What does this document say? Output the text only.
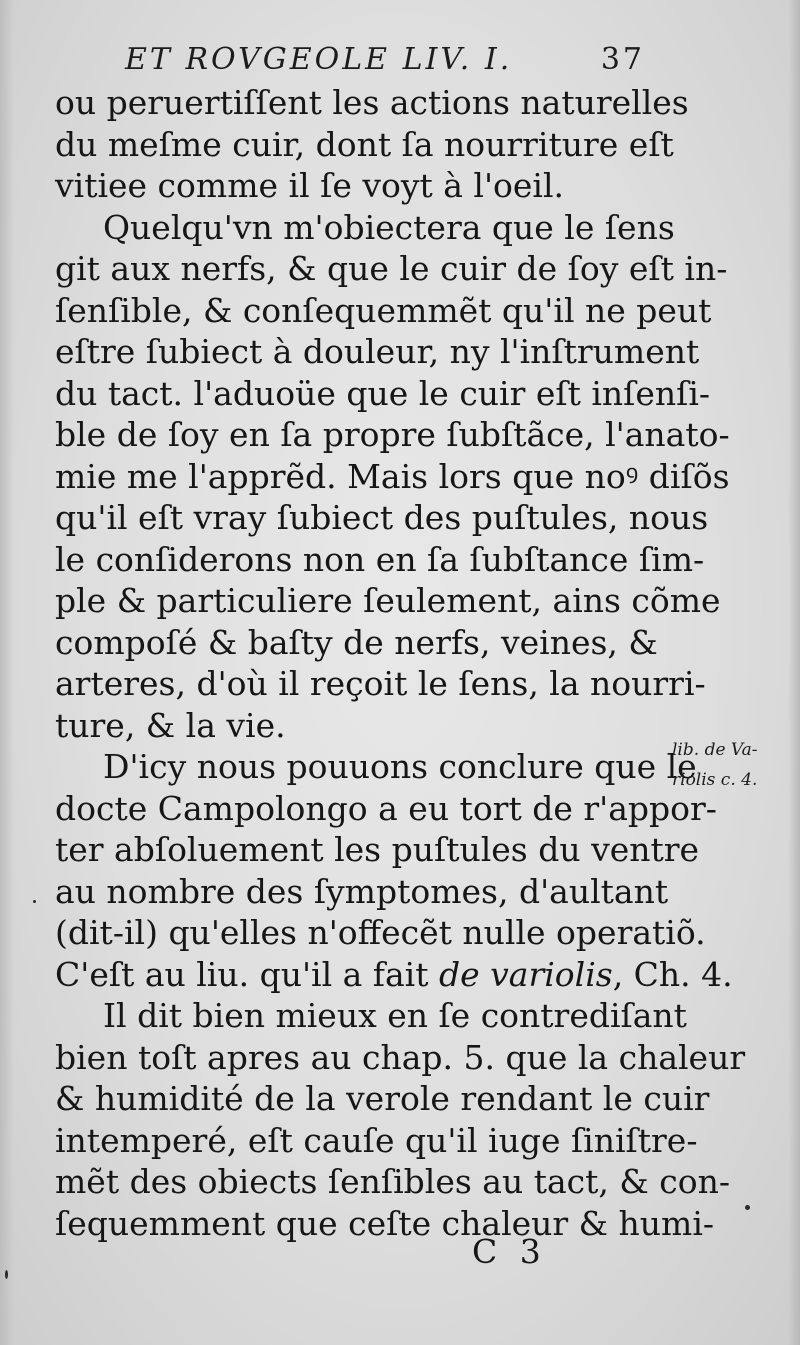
ET ROVGEOLE LIV. I.	37
ou peruertiſſent les actions naturelles
du meſme cuir, dont ſa nourriture eſt
vitiee comme il ſe voyt à l'oeil.
Quelqu'vn m'obiectera que le ſens
git aux nerfs, & que le cuir de ſoy eſt in-
ſenſible, & conſequemmẽt qu'il ne peut
eſtre ſubiect à douleur, ny l'inſtrument
du tact. l'aduoüe que le cuir eſt inſenſi-
ble de ſoy en ſa propre ſubſtãce, l'anato-
mie me l'apprẽd. Mais lors que noꝰ diſõs
qu'il eſt vray ſubiect des puſtules, nous
le conſiderons non en ſa ſubſtance ſim-
ple & particuliere ſeulement, ains cõme
compoſé & baſty de nerfs, veines, &
arteres, d'où il reçoit le ſens, la nourri-
ture, & la vie.
D'icy nous pouuons conclure que le
docte Campolongo a eu tort de r'appor-
ter abſoluement les puſtules du ventre
au nombre des ſymptomes, d'aultant
(dit-il) qu'elles n'offecẽt nulle operatiõ.
C'eſt au liu. qu'il a fait de variolis, Ch. 4.
Il dit bien mieux en ſe contrediſant
bien toſt apres au chap. 5. que la chaleur
& humidité de la verole rendant le cuir
intemperé, eſt cauſe qu'il iuge ſiniſtre-
mẽt des obiects ſenſibles au tact, & con-
ſequemment que ceſte chaleur & humi-
lib. de Va-
riolis c. 4.
C 3
